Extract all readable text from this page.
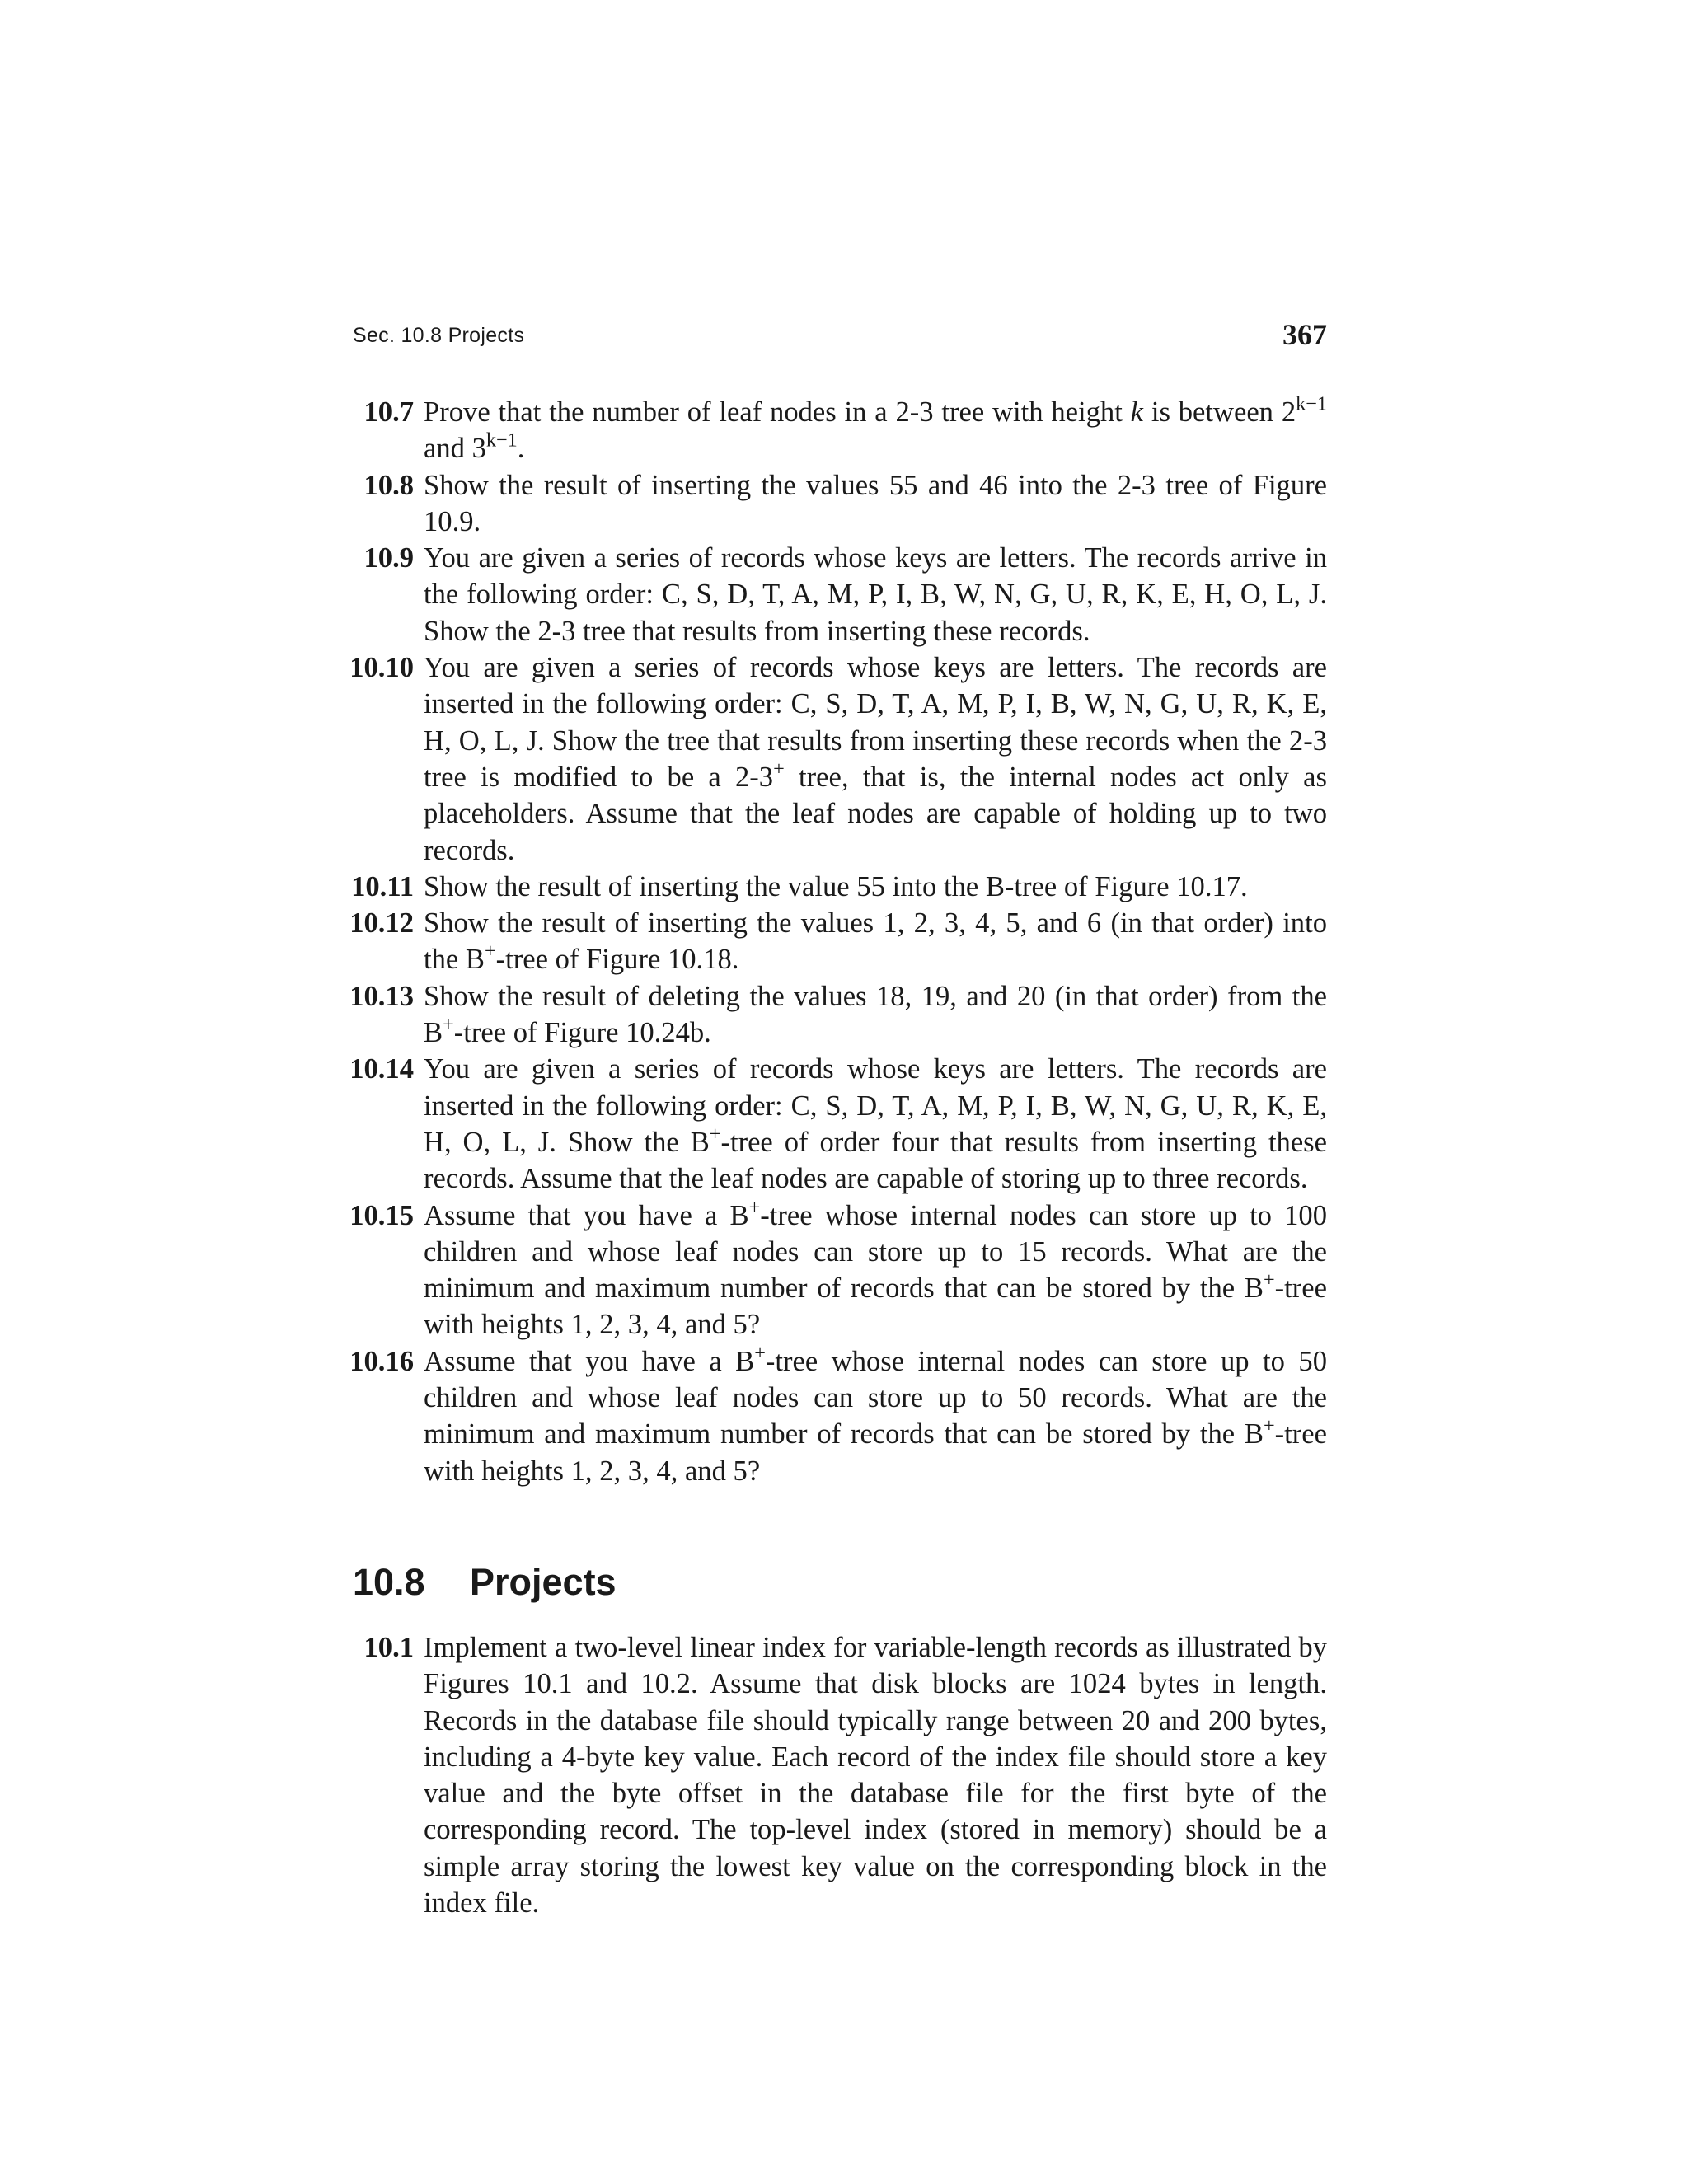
Sec. 10.8 Projects	367
10.7 Prove that the number of leaf nodes in a 2-3 tree with height k is between $2^{k-1}$ and $3^{k-1}$.
10.8 Show the result of inserting the values 55 and 46 into the 2-3 tree of Figure 10.9.
10.9 You are given a series of records whose keys are letters. The records arrive in the following order: C, S, D, T, A, M, P, I, B, W, N, G, U, R, K, E, H, O, L, J. Show the 2-3 tree that results from inserting these records.
10.10 You are given a series of records whose keys are letters. The records are inserted in the following order: C, S, D, T, A, M, P, I, B, W, N, G, U, R, K, E, H, O, L, J. Show the tree that results from inserting these records when the 2-3 tree is modified to be a 2-3+ tree, that is, the internal nodes act only as placeholders. Assume that the leaf nodes are capable of holding up to two records.
10.11 Show the result of inserting the value 55 into the B-tree of Figure 10.17.
10.12 Show the result of inserting the values 1, 2, 3, 4, 5, and 6 (in that order) into the B+-tree of Figure 10.18.
10.13 Show the result of deleting the values 18, 19, and 20 (in that order) from the B+-tree of Figure 10.24b.
10.14 You are given a series of records whose keys are letters. The records are inserted in the following order: C, S, D, T, A, M, P, I, B, W, N, G, U, R, K, E, H, O, L, J. Show the B+-tree of order four that results from inserting these records. Assume that the leaf nodes are capable of storing up to three records.
10.15 Assume that you have a B+-tree whose internal nodes can store up to 100 children and whose leaf nodes can store up to 15 records. What are the minimum and maximum number of records that can be stored by the B+-tree with heights 1, 2, 3, 4, and 5?
10.16 Assume that you have a B+-tree whose internal nodes can store up to 50 children and whose leaf nodes can store up to 50 records. What are the minimum and maximum number of records that can be stored by the B+-tree with heights 1, 2, 3, 4, and 5?
10.8 Projects
10.1 Implement a two-level linear index for variable-length records as illustrated by Figures 10.1 and 10.2. Assume that disk blocks are 1024 bytes in length. Records in the database file should typically range between 20 and 200 bytes, including a 4-byte key value. Each record of the index file should store a key value and the byte offset in the database file for the first byte of the corresponding record. The top-level index (stored in memory) should be a simple array storing the lowest key value on the corresponding block in the index file.
